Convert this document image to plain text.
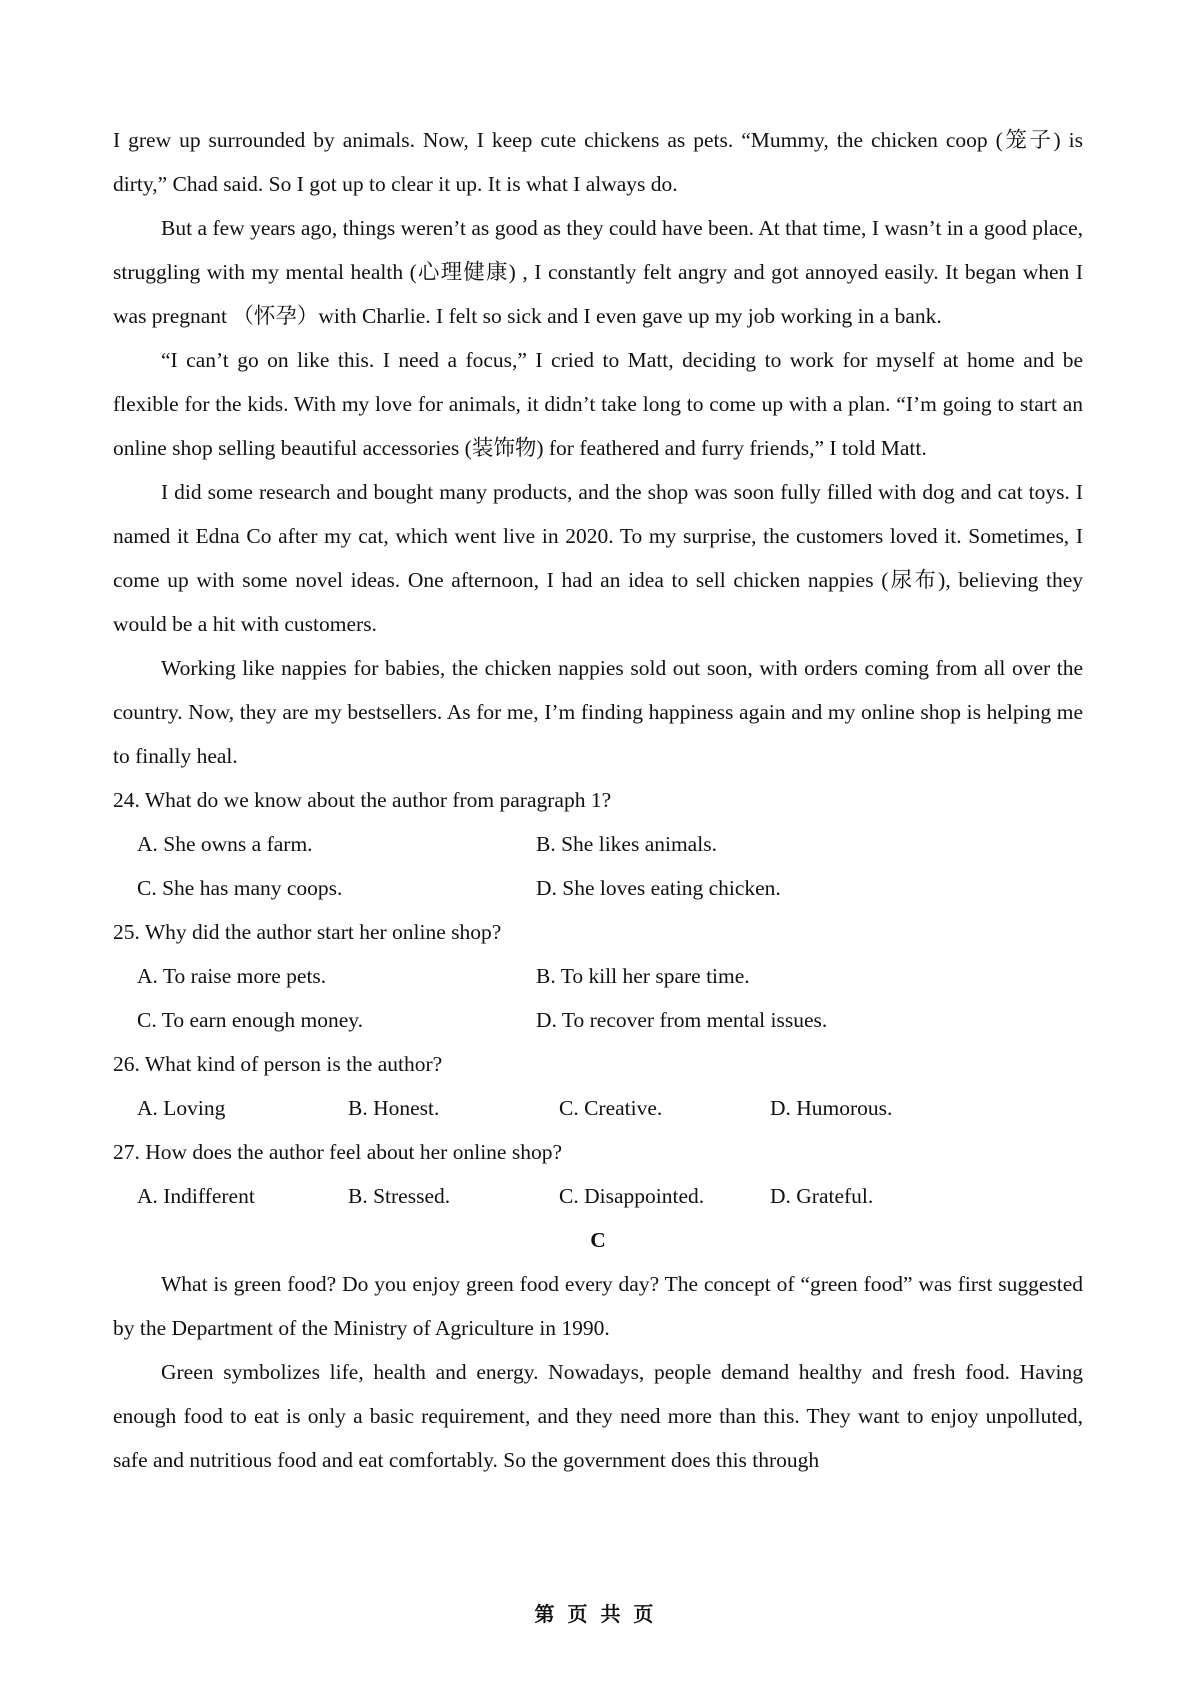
I grew up surrounded by animals. Now, I keep cute chickens as pets. “Mummy, the chicken coop (笼子) is dirty,” Chad said. So I got up to clear it up. It is what I always do.

But a few years ago, things weren’t as good as they could have been. At that time, I wasn’t in a good place, struggling with my mental health (心理健康) , I constantly felt angry and got annoyed easily. It began when I was pregnant （怀孕）with Charlie. I felt so sick and I even gave up my job working in a bank.

“I can’t go on like this. I need a focus,” I cried to Matt, deciding to work for myself at home and be flexible for the kids. With my love for animals, it didn’t take long to come up with a plan. “I’m going to start an online shop selling beautiful accessories (装饰物) for feathered and furry friends,” I told Matt.

I did some research and bought many products, and the shop was soon fully filled with dog and cat toys. I named it Edna Co after my cat, which went live in 2020. To my surprise, the customers loved it. Sometimes, I come up with some novel ideas. One afternoon, I had an idea to sell chicken nappies (尿布), believing they would be a hit with customers.

Working like nappies for babies, the chicken nappies sold out soon, with orders coming from all over the country. Now, they are my bestsellers. As for me, I’m finding happiness again and my online shop is helping me to finally heal.

24. What do we know about the author from paragraph 1?

A. She owns a farm.	B. She likes animals.
C. She has many coops.	D. She loves eating chicken.

25. Why did the author start her online shop?

A. To raise more pets.	B. To kill her spare time.
C. To earn enough money.	D. To recover from mental issues.

26. What kind of person is the author?

A. Loving	B. Honest.	C. Creative.	D. Humorous.

27. How does the author feel about her online shop?

A. Indifferent	B. Stressed.	C. Disappointed.	D. Grateful.

C

What is green food? Do you enjoy green food every day? The concept of “green food” was first suggested by the Department of the Ministry of Agriculture in 1990.

Green symbolizes life, health and energy. Nowadays, people demand healthy and fresh food. Having enough food to eat is only a basic requirement, and they need more than this. They want to enjoy unpolluted, safe and nutritious food and eat comfortably. So the government does this through

第 页 共 页
